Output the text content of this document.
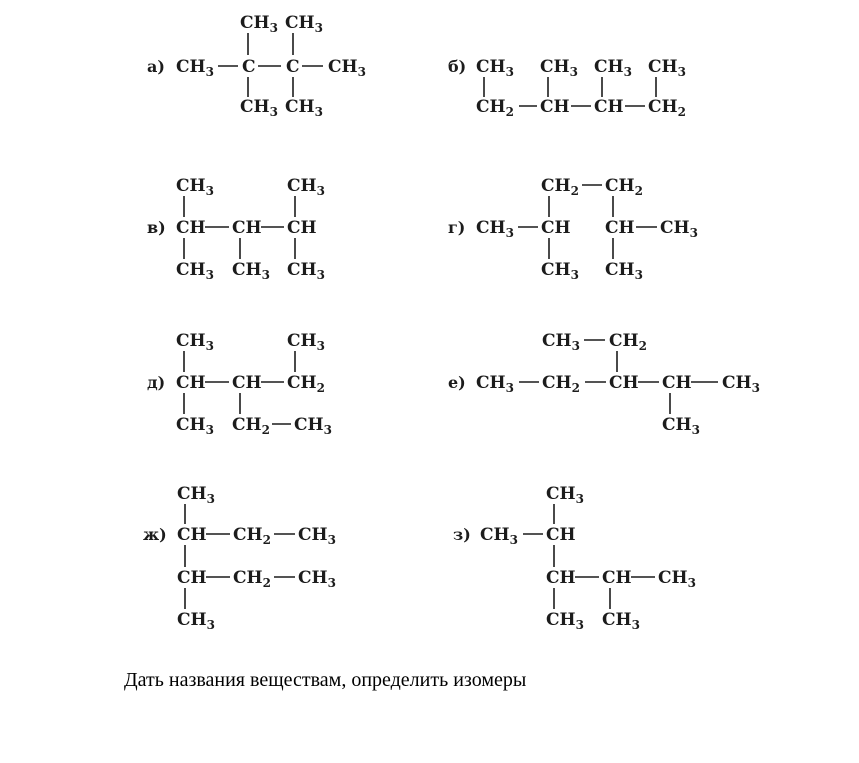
а)
$CH_3$ $CH_3$
$CH_3$ C C $CH_3$
$CH_3$ $CH_3$
б) $CH_3$ $CH_3$ $CH_3$ $CH_3$
$CH_2$ CH CH $CH_2$
в)
$CH_3$	$CH_3$
CH CH CH
$CH_3$ $CH_3$ $CH_3$
г)
$CH_2$ $CH_2$
$CH_3$ CH CH $CH_3$
$CH_3$ $CH_3$
д)
$CH_3$	$CH_3$
CH CH $CH_2$
$CH_3$ $CH_2$ $CH_3$
е)
$CH_3$ $CH_2$
$CH_3$ $CH_2$ CH CH $CH_3$
$CH_3$
ж)
$CH_3$
CH $CH_2$ $CH_3$
CH $CH_2$ $CH_3$
$CH_3$
з)
$CH_3$
$CH_3$ CH
CH CH $CH_3$
$CH_3$ $CH_3$
Дать названия веществам, определить изомеры
